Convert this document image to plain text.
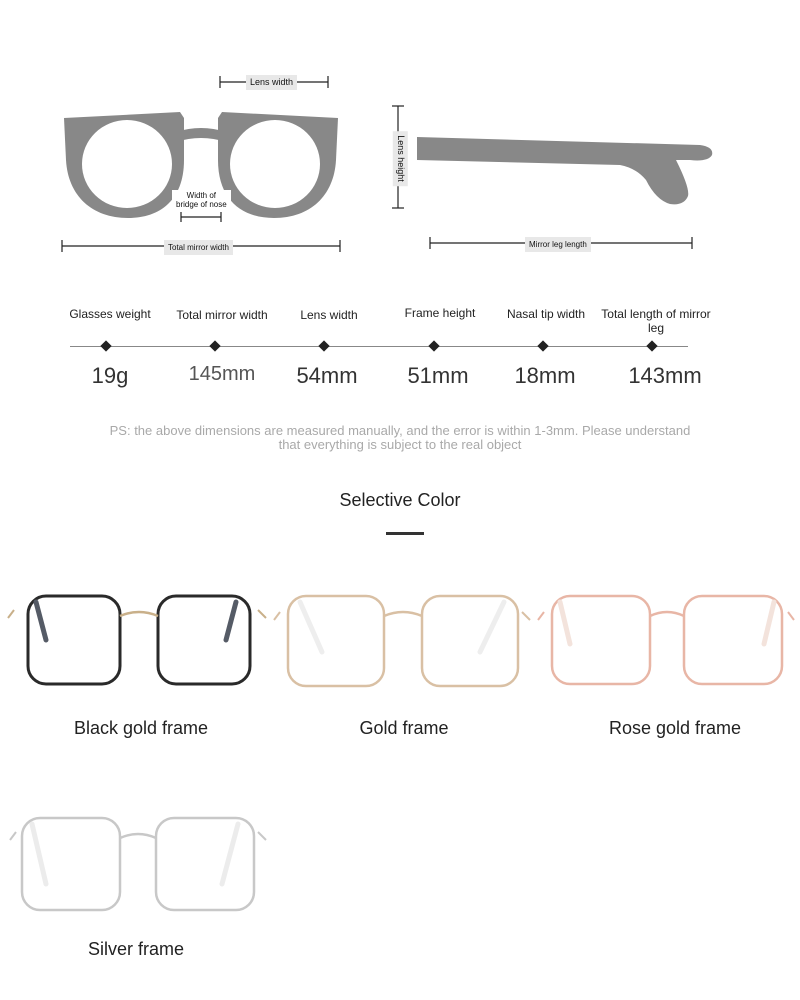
Lens width
Width of
bridge of nose
Total mirror width
Lens height
Mirror leg length
Glasses weight	Total mirror width	Lens width	Frame height	Nasal tip width	Total length of mirror leg
19g	145mm	54mm	51mm	18mm	143mm
PS: the above dimensions are measured manually, and the error is within 1-3mm. Please understand that everything is subject to the real object
Selective Color
Black gold frame	Gold frame	Rose gold frame
Silver frame
